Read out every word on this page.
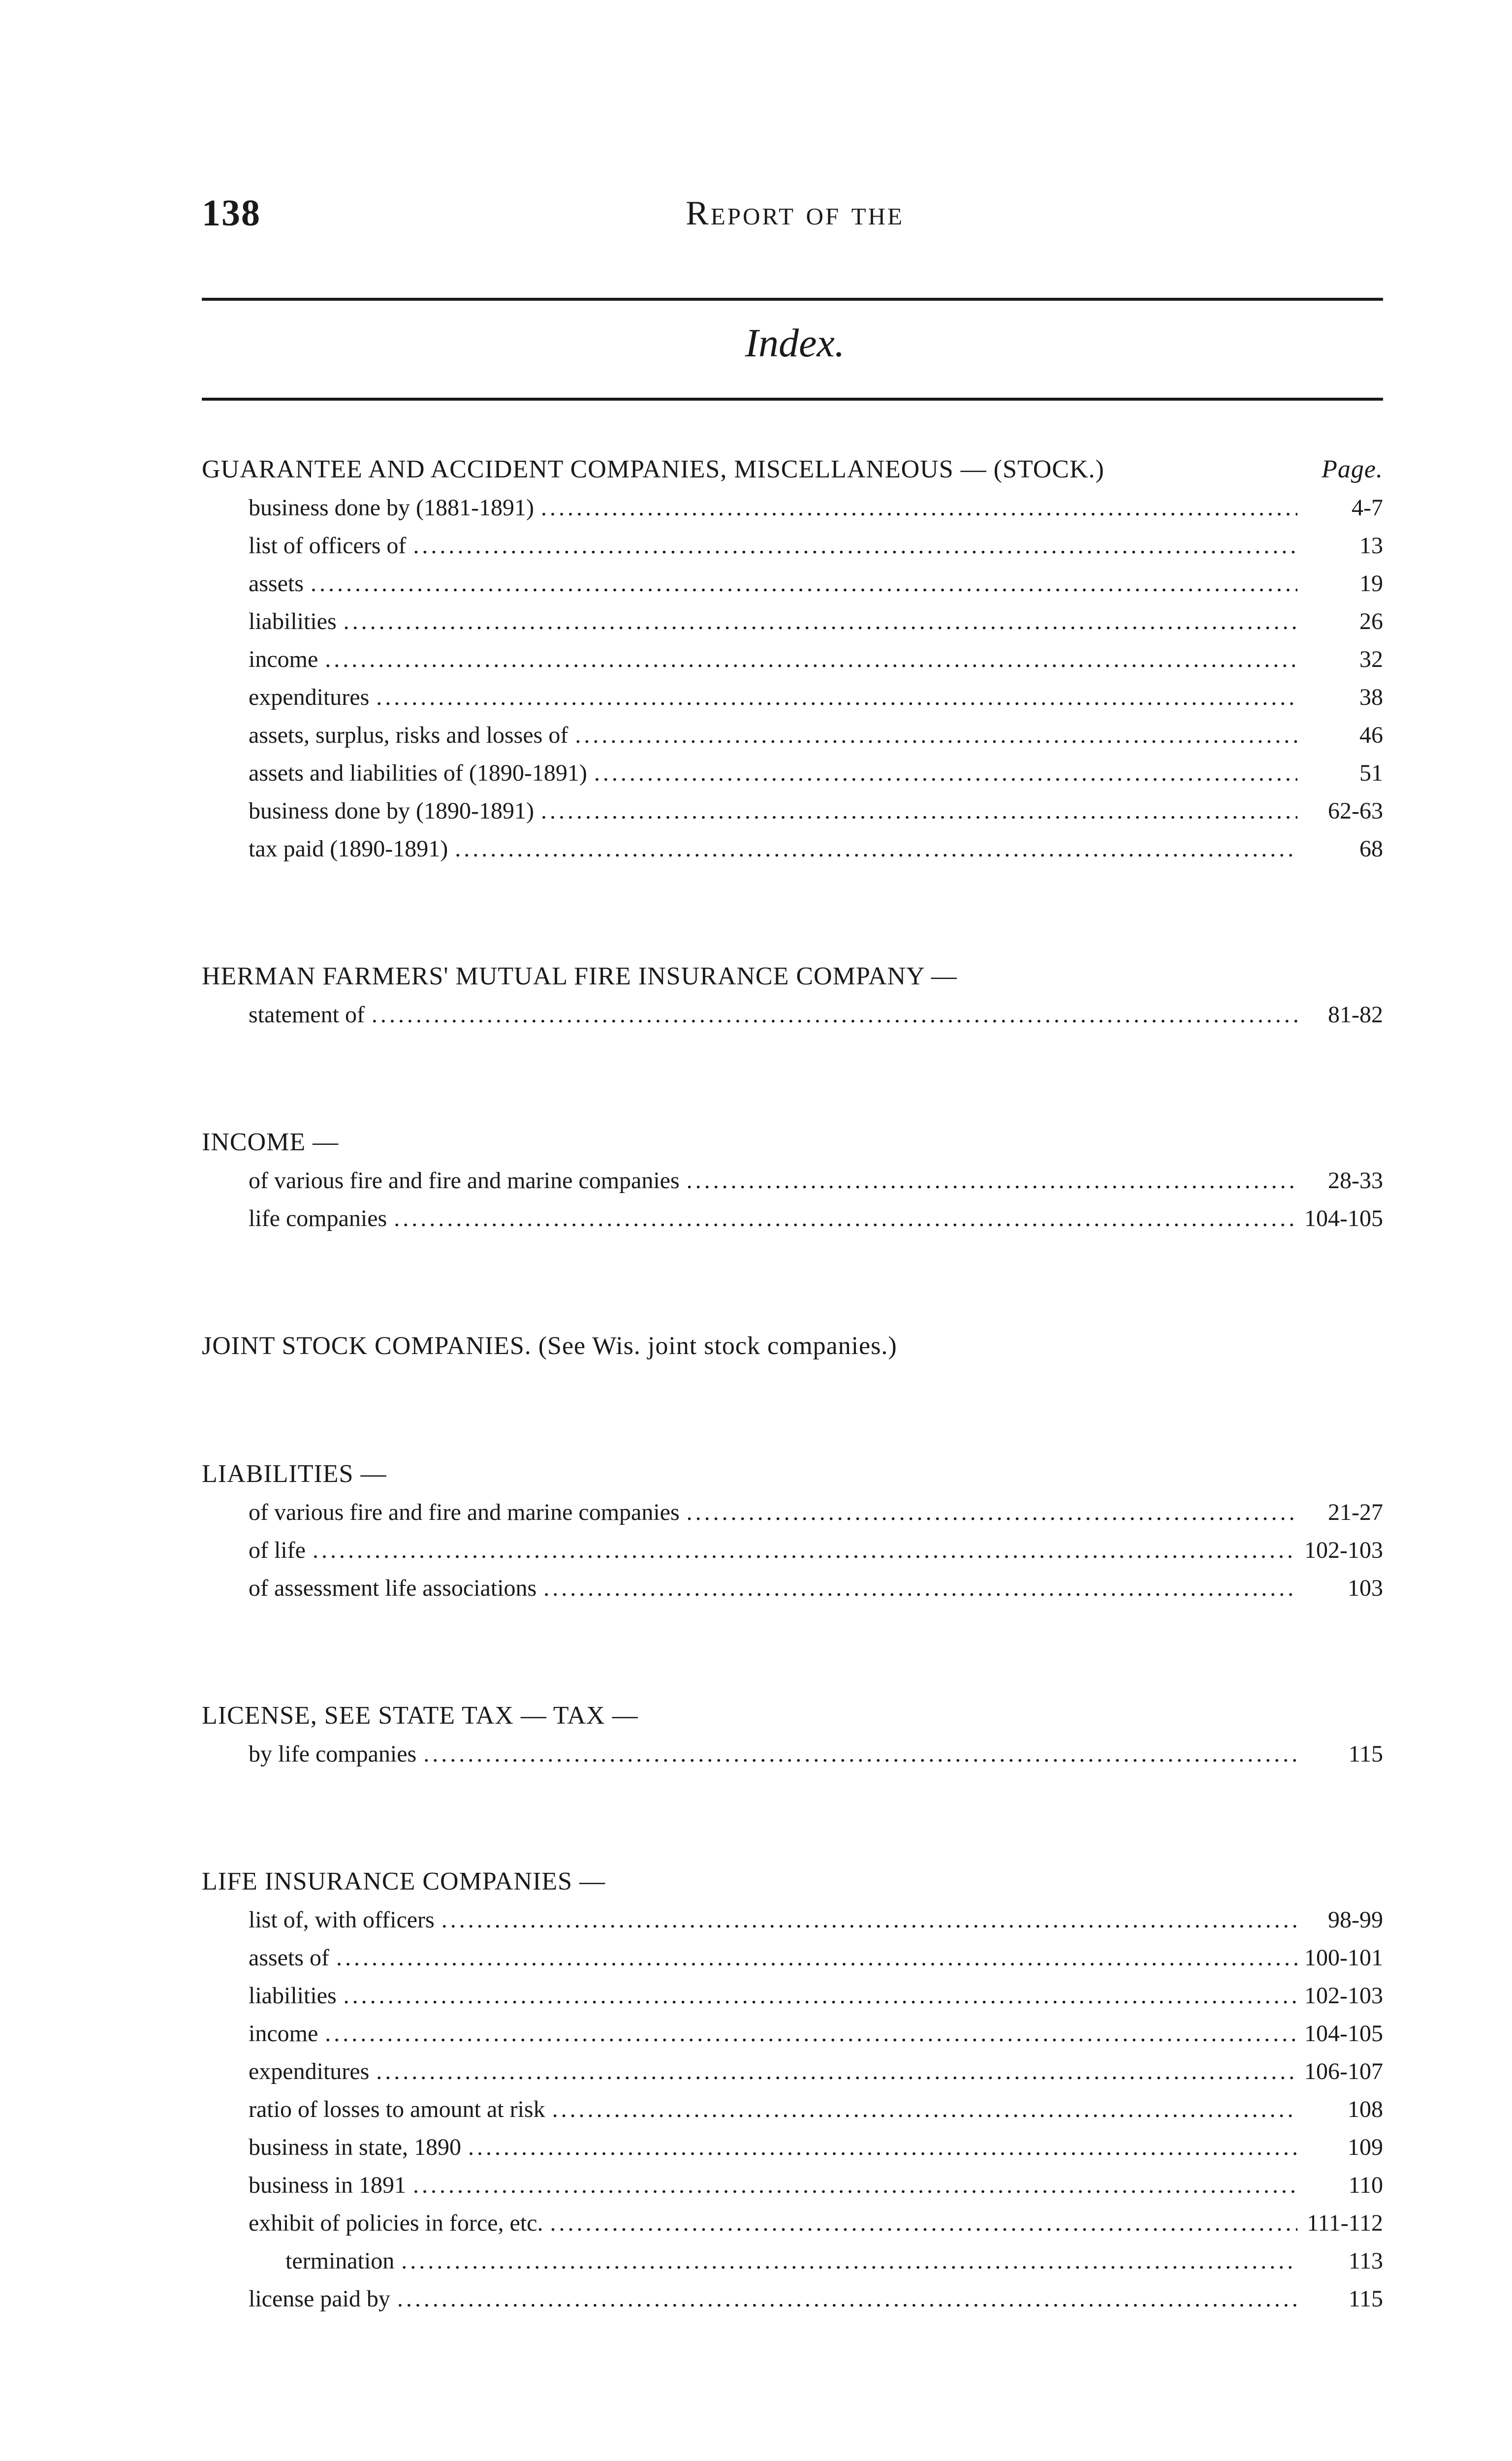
138	Report of the
Index.
GUARANTEE AND ACCIDENT COMPANIES, MISCELLANEOUS — (STOCK.)	Page.
business done by (1881-1891) .....	4-7
list of officers of .....	13
assets .....	19
liabilities .....	26
income .....	32
expenditures .....	38
assets, surplus, risks and losses of .....	46
assets and liabilities of (1890-1891) .....	51
business done by (1890-1891) .....	62-63
tax paid (1890-1891) .....	68
HERMAN FARMERS' MUTUAL FIRE INSURANCE COMPANY —
statement of .....	81-82
INCOME —
of various fire and fire and marine companies .....	28-33
life companies .....	104-105
JOINT STOCK COMPANIES. (See Wis. joint stock companies.)
LIABILITIES —
of various fire and fire and marine companies .....	21-27
of life .....	102-103
of assessment life associations .....	103
LICENSE, SEE STATE TAX — TAX —
by life companies .....	115
LIFE INSURANCE COMPANIES —
list of, with officers .....	98-99
assets of .....	100-101
liabilities .....	102-103
income .....	104-105
expenditures .....	106-107
ratio of losses to amount at risk .....	108
business in state, 1890 .....	109
business in 1891 .....	110
exhibit of policies in force, etc. .....	111-112
termination .....	113
license paid by .....	115
